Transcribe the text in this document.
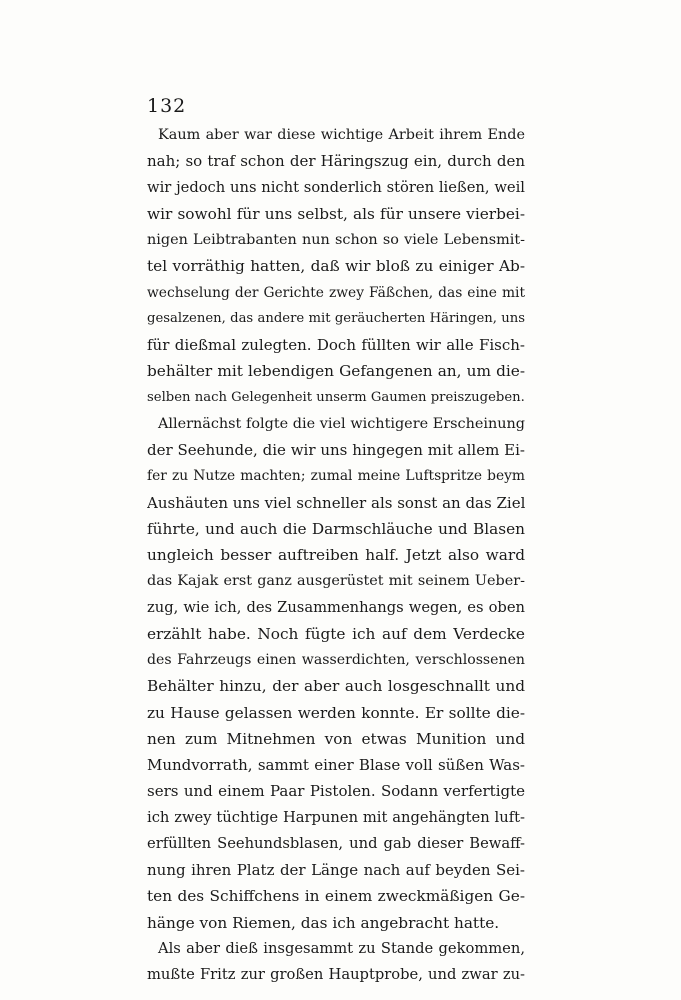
132
Kaum aber war diese wichtige Arbeit ihrem Ende
nah; so traf schon der Häringszug ein, durch den
wir jedoch uns nicht sonderlich stören ließen, weil
wir sowohl für uns selbst, als für unsere vierbei-
nigen Leibtrabanten nun schon so viele Lebensmit-
tel vorräthig hatten, daß wir bloß zu einiger Ab-
wechselung der Gerichte zwey Fäßchen, das eine mit
gesalzenen, das andere mit geräucherten Häringen, uns
für dießmal zulegten. Doch füllten wir alle Fisch-
behälter mit lebendigen Gefangenen an, um die-
selben nach Gelegenheit unserm Gaumen preiszugeben.
Allernächst folgte die viel wichtigere Erscheinung
der Seehunde, die wir uns hingegen mit allem Ei-
fer zu Nutze machten; zumal meine Luftspritze beym
Aushäuten uns viel schneller als sonst an das Ziel
führte, und auch die Darmschläuche und Blasen
ungleich besser auftreiben half. Jetzt also ward
das Kajak erst ganz ausgerüstet mit seinem Ueber-
zug, wie ich, des Zusammenhangs wegen, es oben
erzählt habe. Noch fügte ich auf dem Verdecke
des Fahrzeugs einen wasserdichten, verschlossenen
Behälter hinzu, der aber auch losgeschnallt und
zu Hause gelassen werden konnte. Er sollte die-
nen zum Mitnehmen von etwas Munition und
Mundvorrath, sammt einer Blase voll süßen Was-
sers und einem Paar Pistolen. Sodann verfertigte
ich zwey tüchtige Harpunen mit angehängten luft-
erfüllten Seehundsblasen, und gab dieser Bewaff-
nung ihren Platz der Länge nach auf beyden Sei-
ten des Schiffchens in einem zweckmäßigen Ge-
hänge von Riemen, das ich angebracht hatte.
Als aber dieß insgesammt zu Stande gekommen,
mußte Fritz zur großen Hauptprobe, und zwar zu-
